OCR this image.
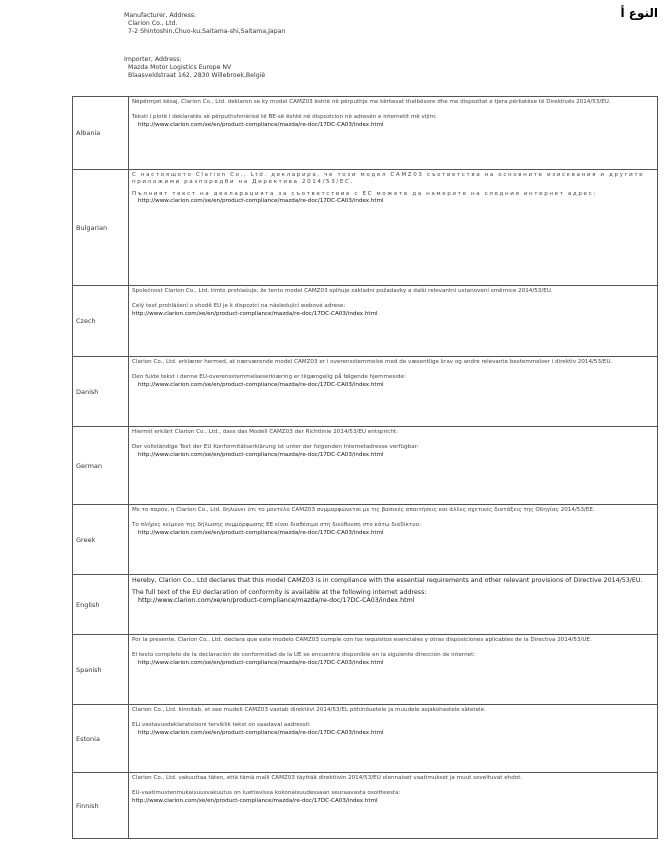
النوع أ
Manufacturer, Address:
Clarion Co., Ltd.
7-2 Shintoshin,Chuo-ku,Saitama-shi,Saitama,Japan
Importer, Address:
Mazda Motor Logistics Europe NV
Blaasveldstraat 162, 2830 Willebroek,België
Albania	Nëpërmjet kësaj, Clarion Co., Ltd. deklaron se ky model CAMZ03 është në përputhje me kërkesat thelbësore dhe me dispozitat e tjera përkatëse të Direktivës 2014/53/EU.

Teksti i plotë i deklaratës së përputhshmërisë të BE-së është në dispozicion në adresën e internetit më vijim:

http://www.clarion.com/xe/en/product-compliance/mazda/re-doc/17DC-CA03/index.html

Bulgarian	С настоящото Clarion Co., Ltd. декларира, че този модел CAMZ03 съответства на основните изисквания и другите приложими разпоредби на Директива 2014/53/ЕС.

Пълният текст на декларацията за съответствие с ЕС можете да намерите на следния интернет адрес:

http://www.clarion.com/xe/en/product-compliance/mazda/re-doc/17DC-CA03/index.html

Czech	Společnost Clarion Co., Ltd. tímto prohlašuje, že tento model CAMZ03 splňuje základní požadavky a další relevantní ustanovení směrnice 2014/53/EU.

Celý text prohlášení o shodě EU je k dispozici na následující webové adrese:

http://www.clarion.com/xe/en/product-compliance/mazda/re-doc/17DC-CA03/index.html

Danish	Clarion Co., Ltd. erklærer hermed, at nærværende model CAMZ03 er i overensstemmelse med de væsentlige krav og andre relevante bestemmelser i direktiv 2014/53/EU.

Den fulde tekst i denne EU-overensstemmelseserklæring er tilgængelig på følgende hjemmeside:

http://www.clarion.com/xe/en/product-compliance/mazda/re-doc/17DC-CA03/index.html

German	Hiermit erklärt Clarion Co., Ltd., dass das Modell CAMZ03 der Richtlinie 2014/53/EU entspricht.

Der vollständige Text der EU Konformitätserklärung ist unter der folgenden Internetadresse verfügbar:

http://www.clarion.com/xe/en/product-compliance/mazda/re-doc/17DC-CA03/index.html

Greek	Με το παρόν, η Clarion Co., Ltd. δηλώνει ότι το μοντέλο CAMZ03 συμμορφώνεται με τις βασικές απαιτήσεις και άλλες σχετικές διατάξεις της Οδηγίας 2014/53/ΕΕ.

Το πλήρες κείμενο της δήλωσης συμμόρφωσης ΕΕ είναι διαθέσιμο στη διεύθυνση στο κάτω διαδίκτυο:

http://www.clarion.com/xe/en/product-compliance/mazda/re-doc/17DC-CA03/index.html

English	Hereby, Clarion Co., Ltd declares that this model CAMZ03 is in compliance with the essential requirements and other relevant provisions of Directive 2014/53/EU.

The full text of the EU declaration of conformity is available at the following internet address:

http://www.clarion.com/xe/en/product-compliance/mazda/re-doc/17DC-CA03/index.html

Spanish	Por la presente, Clarion Co., Ltd. declara que este modelo CAMZ03 cumple con los requisitos esenciales y otras disposiciones aplicables de la Directiva 2014/53/UE.

El texto completo de la declaración de conformidad de la UE se encuentra disponible en la siguiente dirección de internet:

http://www.clarion.com/xe/en/product-compliance/mazda/re-doc/17DC-CA03/index.html

Estonia	Clarion Co., Ltd. kinnitab, et see mudeli CAMZ03 vastab direktiivi 2014/53/EL põhinõuetele ja muudele asjakohastele sätetele.

ELi vastavusdeklaratsiooni terviklik tekst on saadaval aadressil:

http://www.clarion.com/xe/en/product-compliance/mazda/re-doc/17DC-CA03/index.html

Finnish	Clarion Co., Ltd. vakuuttaa täten, että tämä malli CAMZ03 täyttää direktiivin 2014/53/EU olennaiset vaatimukset ja muut soveltuvat ehdot.

EU-vaatimustenmukaisuusvakuutus on luettavissa kokonaisuudessaan seuraavasta osoitteesta:

http://www.clarion.com/xe/en/product-compliance/mazda/re-doc/17DC-CA03/index.html
